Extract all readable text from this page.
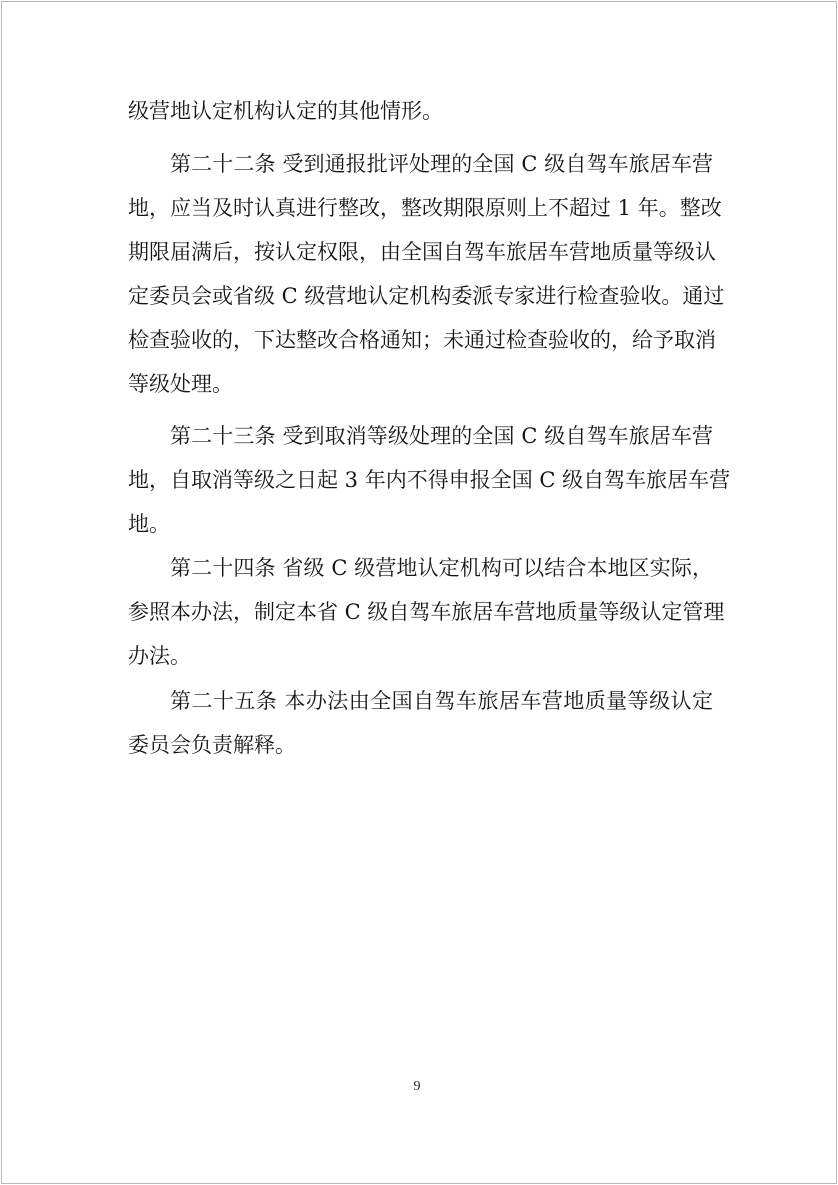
级营地认定机构认定的其他情形。
第二十二条 受到通报批评处理的全国 C 级自驾车旅居车营
地，应当及时认真进行整改，整改期限原则上不超过 1 年。整改
期限届满后，按认定权限，由全国自驾车旅居车营地质量等级认
定委员会或省级 C 级营地认定机构委派专家进行检查验收。通过
检查验收的，下达整改合格通知；未通过检查验收的，给予取消
等级处理。
第二十三条 受到取消等级处理的全国 C 级自驾车旅居车营
地，自取消等级之日起 3 年内不得申报全国 C 级自驾车旅居车营
地。
第二十四条 省级 C 级营地认定机构可以结合本地区实际，
参照本办法，制定本省 C 级自驾车旅居车营地质量等级认定管理
办法。
第二十五条 本办法由全国自驾车旅居车营地质量等级认定
委员会负责解释。
9
